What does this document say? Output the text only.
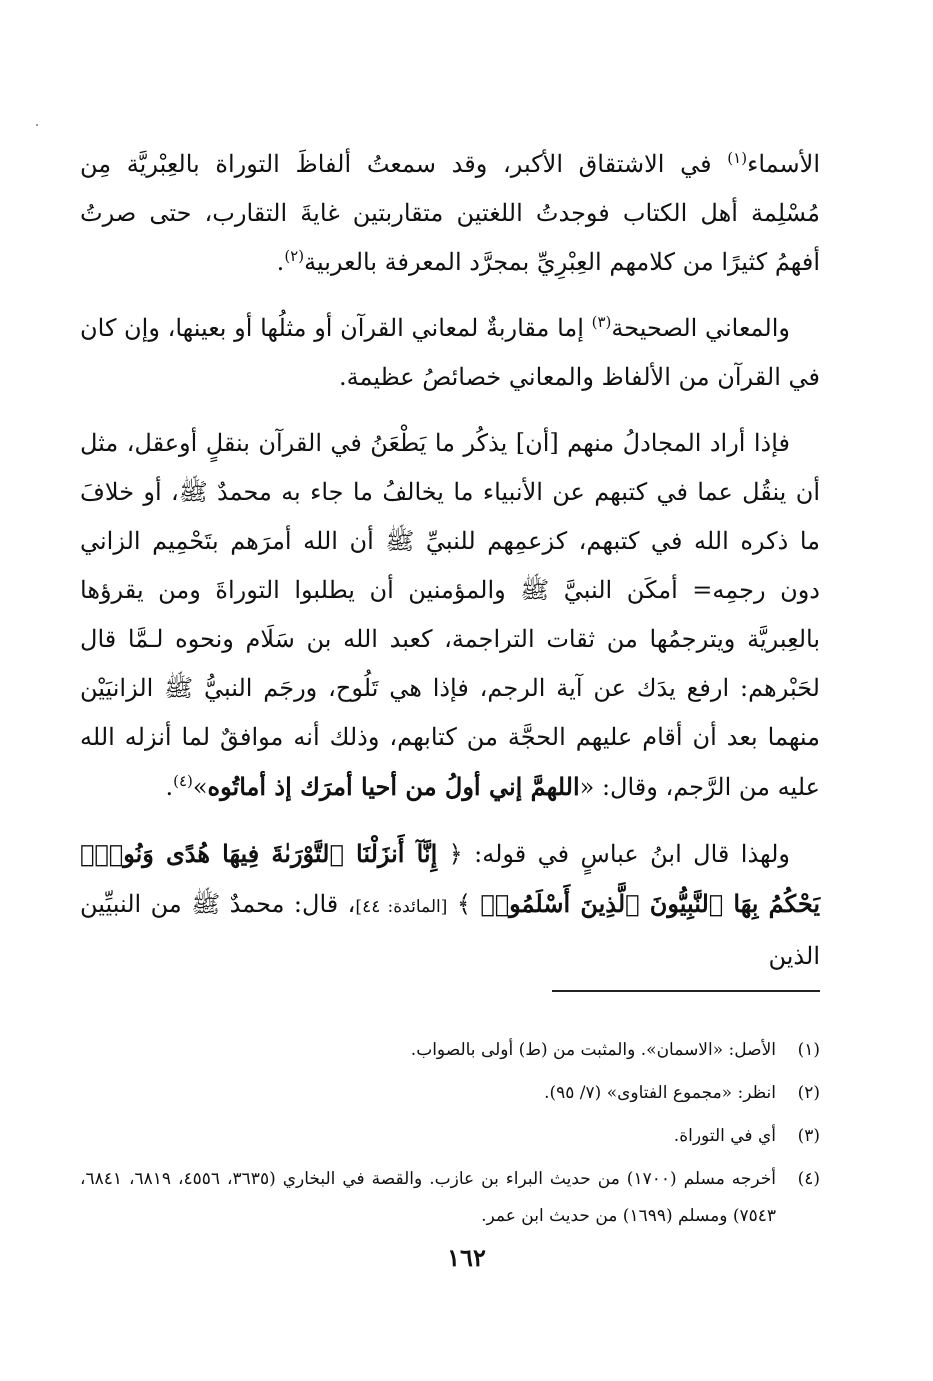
الأسماء$^{(١)}$ في الاشتقاق الأكبر، وقد سمعتُ ألفاظَ التوراة بالعِبْريَّة مِن مُسْلِمة أهل الكتاب فوجدتُ اللغتين متقاربتين غايةَ التقارب، حتى صرتُ أفهمُ كثيرًا من كلامهم العِبْرِيِّ بمجرَّد المعرفة بالعربية$^{(٢)}$.

والمعاني الصحيحة$^{(٣)}$ إما مقاربةٌ لمعاني القرآن أو مثلُها أو بعينها، وإن كان في القرآن من الألفاظ والمعاني خصائصُ عظيمة.

فإذا أراد المجادلُ منهم [أن] يذكُر ما يَطْعَنُ في القرآن بنقلٍ أوعقل، مثل أن ينقُل عما في كتبهم عن الأنبياء ما يخالفُ ما جاء به محمدٌ ﷺ، أو خلافَ ما ذكره الله في كتبهم، كزعمِهم للنبيِّ ﷺ أن الله أمرَهم بتَحْمِيم الزاني دون رجمِه= أمكَن النبيَّ ﷺ والمؤمنين أن يطلبوا التوراةَ ومن يقرؤها بالعِبريَّة ويترجمُها من ثقات التراجمة، كعبد الله بن سَلَام ونحوه لـمَّا قال لحَبْرهم: ارفع يدَك عن آية الرجم، فإذا هي تَلُوح، ورجَم النبيُّ ﷺ الزانيَيْن منهما بعد أن أقام عليهم الحجَّة من كتابهم، وذلك أنه موافقٌ لما أنزله الله عليه من الرَّجم، وقال: «اللهمَّ إني أولُ من أحيا أمرَك إذ أماتُوه»$^{(٤)}$.

ولهذا قال ابنُ عباسٍ في قوله: ﴿ إِنَّآ أَنزَلْنَا ٱلتَّوْرَىٰةَ فِيهَا هُدًى وَنُورٌۚ يَحْكُمُ بِهَا ٱلنَّبِيُّونَ ٱلَّذِينَ أَسْلَمُوا۟ ﴾ [المائدة: ٤٤]، قال: محمدٌ ﷺ من النبيِّين الذين

(١)
الأصل: «الاسمان». والمثبت من (ط) أولى بالصواب.

(٢)
انظر: «مجموع الفتاوى» (٧/ ٩٥).

(٣)
أي في التوراة.

(٤)
أخرجه مسلم (١٧٠٠) من حديث البراء بن عازب. والقصة في البخاري (٣٦٣٥، ٤٥٥٦، ٦٨١٩، ٦٨٤١، ٧٥٤٣) ومسلم (١٦٩٩) من حديث ابن عمر.

١٦٢
